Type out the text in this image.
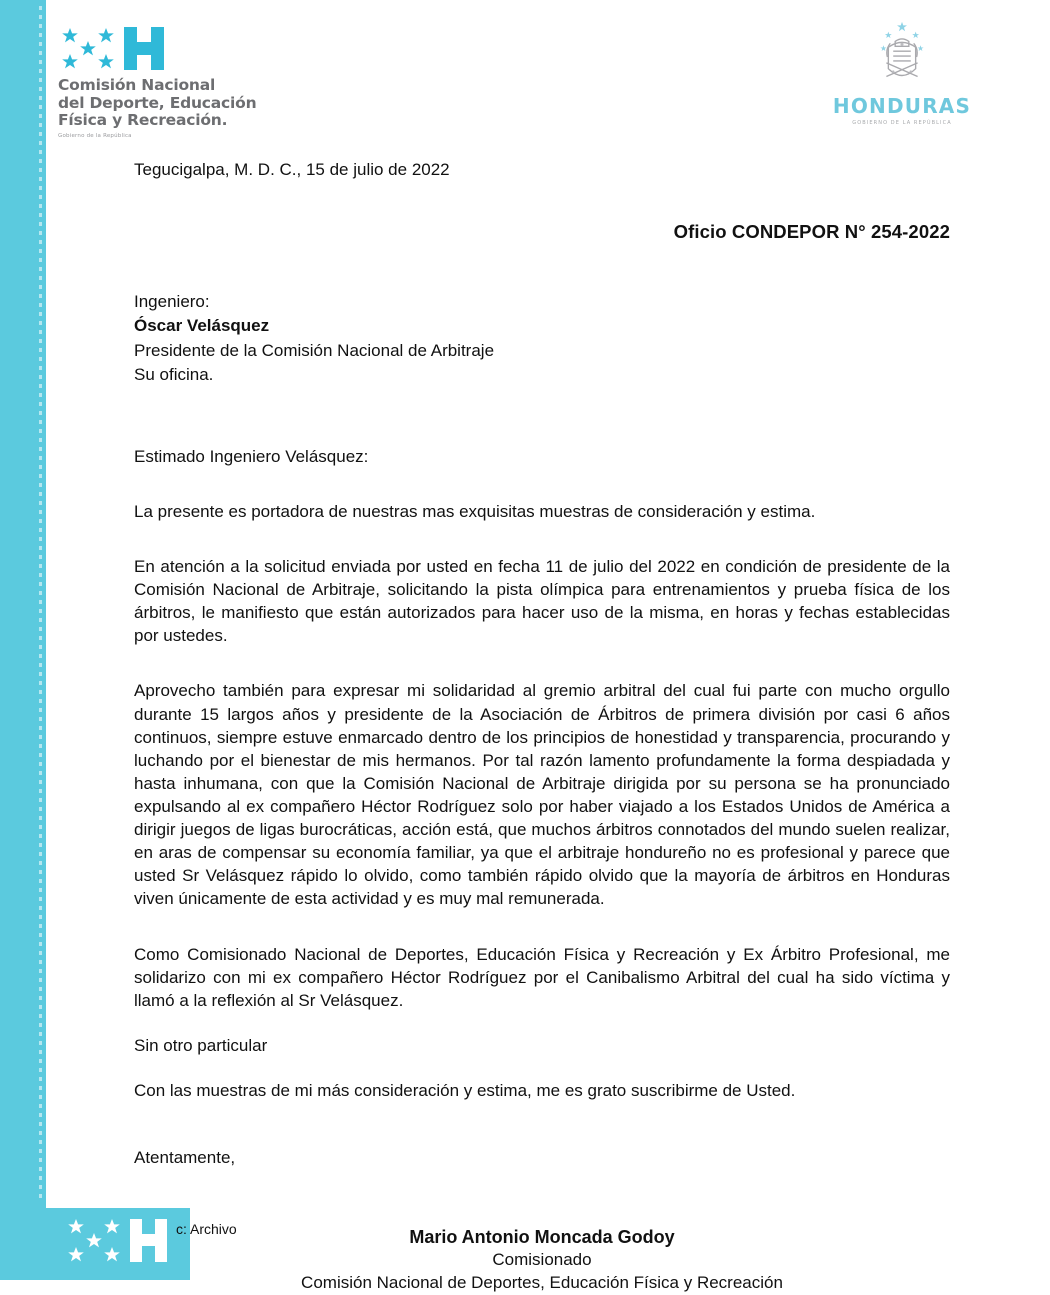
Comisión Nacional
del Deporte, Educación
Física y Recreación.
Gobierno de la República
HONDURAS
GOBIERNO DE LA REPÚBLICA
Tegucigalpa, M. D. C., 15 de julio de 2022
Oficio CONDEPOR N° 254-2022
Ingeniero:
Óscar Velásquez
Presidente de la Comisión Nacional de Arbitraje
Su oficina.
Estimado Ingeniero Velásquez:

La presente es portadora de nuestras mas exquisitas muestras de consideración y estima.

En atención a la solicitud enviada por usted en fecha 11 de julio del 2022 en condición de presidente de la Comisión Nacional de Arbitraje, solicitando la pista olímpica para entrenamientos y prueba física de los árbitros, le manifiesto que están autorizados para hacer uso de la misma, en horas y fechas establecidas por ustedes.

Aprovecho también para expresar mi solidaridad al gremio arbitral del cual fui parte con mucho orgullo durante 15 largos años y presidente de la Asociación de Árbitros de primera división por casi 6 años continuos, siempre estuve enmarcado dentro de los principios de honestidad y transparencia, procurando y luchando por el bienestar de mis hermanos. Por tal razón lamento profundamente la forma despiadada y hasta inhumana, con que la Comisión Nacional de Arbitraje dirigida por su persona se ha pronunciado expulsando al ex compañero Héctor Rodríguez solo por haber viajado a los Estados Unidos de América a dirigir juegos de ligas burocráticas, acción está, que muchos árbitros connotados del mundo suelen realizar, en aras de compensar su economía familiar, ya que el arbitraje hondureño no es profesional y parece que usted Sr Velásquez rápido lo olvido, como también rápido olvido que la mayoría de árbitros en Honduras viven únicamente de esta actividad y es muy mal remunerada.

Como Comisionado Nacional de Deportes, Educación Física y Recreación y Ex Árbitro Profesional, me solidarizo con mi ex compañero Héctor Rodríguez por el Canibalismo Arbitral del cual ha sido víctima y llamó a la reflexión al Sr Velásquez.

Sin otro particular
Con las muestras de mi más consideración y estima, me es grato suscribirme de Usted.
Atentamente,
Mario Antonio Moncada Godoy
Comisionado
Comisión Nacional de Deportes, Educación Física y Recreación
c: Archivo
